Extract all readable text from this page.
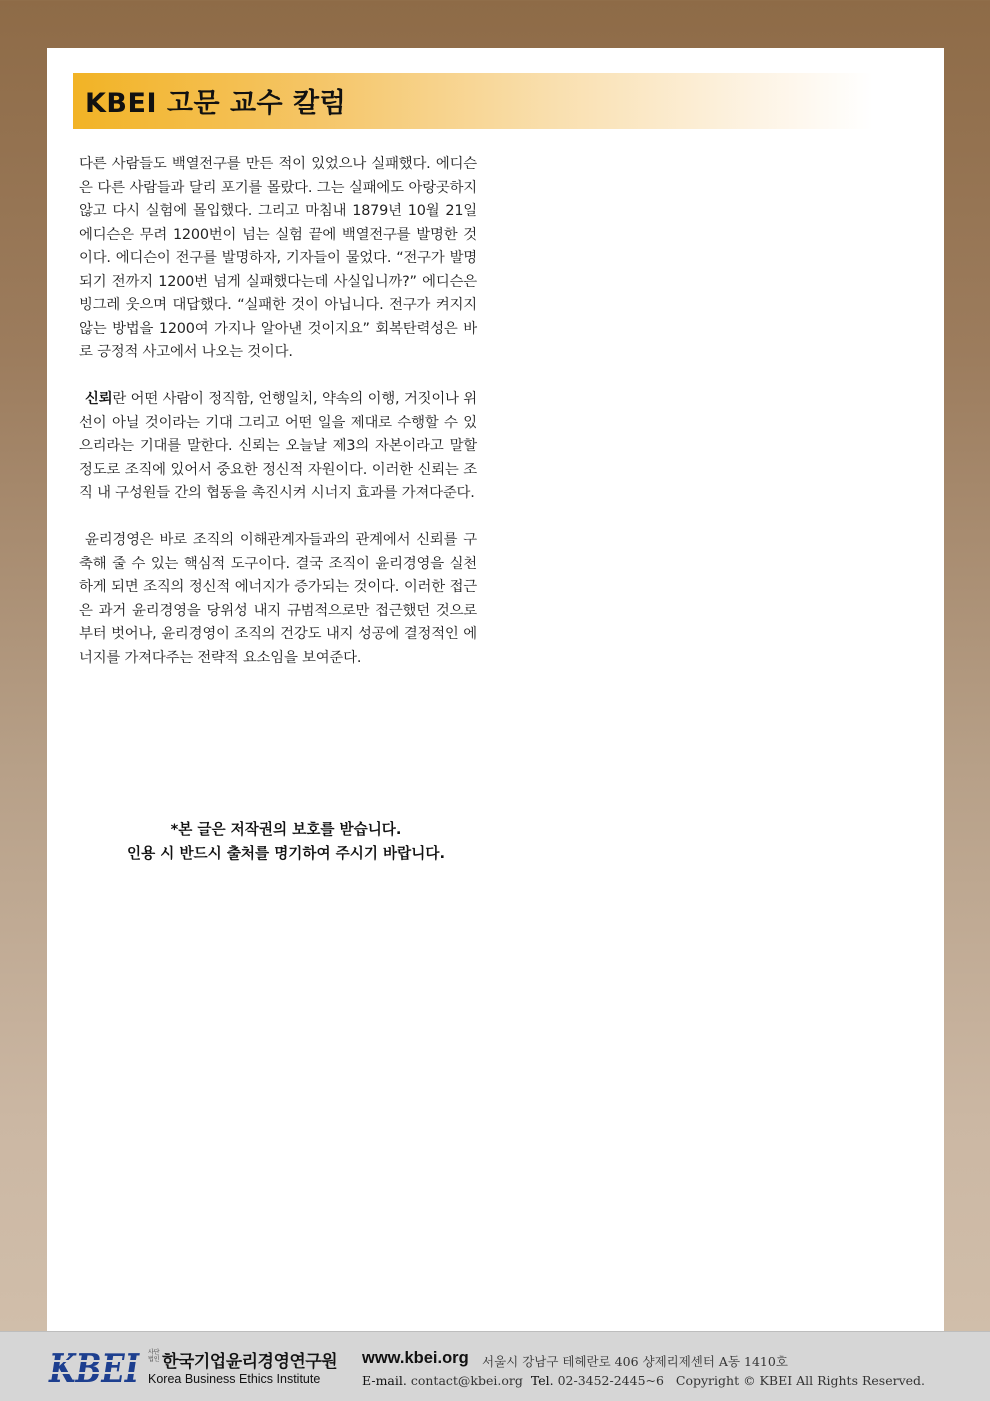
KBEI 고문 교수 칼럼

다른 사람들도 백열전구를 만든 적이 있었으나 실패했다. 에디슨은 다른 사람들과 달리 포기를 몰랐다. 그는 실패에도 아랑곳하지 않고 다시 실험에 몰입했다. 그리고 마침내 1879년 10월 21일 에디슨은 무려 1200번이 넘는 실험 끝에 백열전구를 발명한 것이다. 에디슨이 전구를 발명하자, 기자들이 물었다. “전구가 발명되기 전까지 1200번 넘게 실패했다는데 사실입니까?” 에디슨은 빙그레 웃으며 대답했다. “실패한 것이 아닙니다. 전구가 켜지지 않는 방법을 1200여 가지나 알아낸 것이지요” 회복탄력성은 바로 긍정적 사고에서 나오는 것이다.

신뢰란 어떤 사람이 정직함, 언행일치, 약속의 이행, 거짓이나 위선이 아닐 것이라는 기대 그리고 어떤 일을 제대로 수행할 수 있으리라는 기대를 말한다. 신뢰는 오늘날 제3의 자본이라고 말할 정도로 조직에 있어서 중요한 정신적 자원이다. 이러한 신뢰는 조직 내 구성원들 간의 협동을 촉진시켜 시너지 효과를 가져다준다.

윤리경영은 바로 조직의 이해관계자들과의 관계에서 신뢰를 구축해 줄 수 있는 핵심적 도구이다. 결국 조직이 윤리경영을 실천하게 되면 조직의 정신적 에너지가 증가되는 것이다. 이러한 접근은 과거 윤리경영을 당위성 내지 규범적으로만 접근했던 것으로부터 벗어나, 윤리경영이 조직의 건강도 내지 성공에 결정적인 에너지를 가져다주는 전략적 요소임을 보여준다.

*본 글은 저작권의 보호를 받습니다.
인용 시 반드시 출처를 명기하여 주시기 바랍니다.
KBEI 사단
법인 한국기업윤리경영연구원
Korea Business Ethics Institute
www.kbei.org 서울시 강남구 테헤란로 406 샹제리제센터 A동 1410호
E-mail. contact@kbei.org Tel. 02-3452-2445~6 Copyright © KBEI All Rights Reserved.
